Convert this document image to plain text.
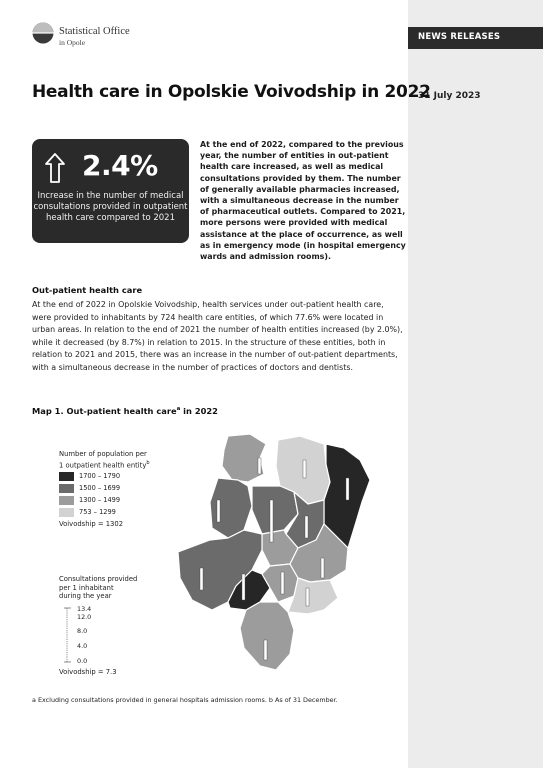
NEWS RELEASES
31 July 2023
Statistical Office
in Opole
Health care in Opolskie Voivodship in 2022
2.4%
Increase in the number of medical consultations provided in outpatient health care compared to 2021
At the end of 2022, compared to the previous year, the number of entities in out-patient health care increased, as well as medical consultations provided by them. The number of generally available pharmacies increased, with a simultaneous decrease in the number of pharmaceutical outlets. Compared to 2021, more persons were provided with medical assistance at the place of occurrence, as well as in emergency mode (in hospital emergency wards and admission rooms).
Out-patient health care
At the end of 2022 in Opolskie Voivodship, health services under out-patient health care, were provided to inhabitants by 724 health care entities, of which 77.6% were located in urban areas. In relation to the end of 2021 the number of health entities increased (by 2.0%), while it decreased (by 8.7%) in relation to 2015. In the structure of these entities, both in relation to 2021 and 2015, there was an increase in the number of out-patient departments, with a simultaneous decrease in the number of practices of doctors and dentists.
Map 1. Out-patient health care$^a$ in 2022
Number of population per
1 outpatient health entity$^b$
1700 – 1790
1500 – 1699
1300 – 1499
753 – 1299
Voivodship = 1302
Consultations provided
per 1 inhabitant
during the year
13.4
12.0
8.0
4.0
0.0
Voivodship = 7.3
a Excluding consultations provided in general hospitals admission rooms. b As of 31 December.
